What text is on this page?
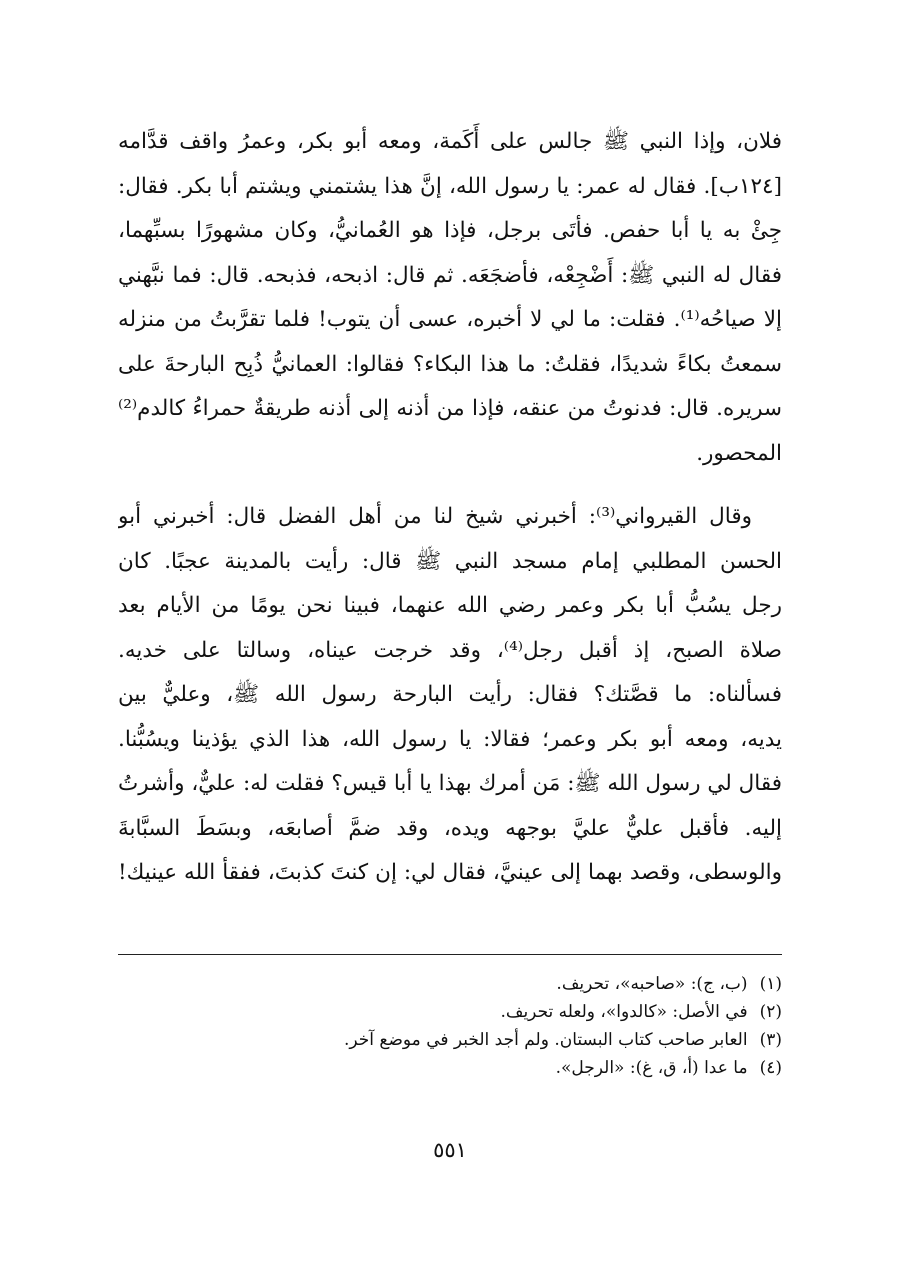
فلان، وإذا النبي ﷺ جالس على أَكَمة، ومعه أبو بكر، وعمرُ واقف قدَّامه
[١٢٤ب]. فقال له عمر: يا رسول الله، إنَّ هذا يشتمني ويشتم أبا بكر. فقال:
جِئْ به يا أبا حفص. فأتَى برجل، فإذا هو العُمانيُّ، وكان مشهورًا بسبِّهما،
فقال له النبي ﷺ: أَضْجِعْه، فأضجَعَه. ثم قال: اذبحه، فذبحه. قال: فما نبَّهني
إلا صياحُه⁽¹⁾. فقلت: ما لي لا أخبره، عسى أن يتوب! فلما تقرَّبتُ من منزله
سمعتُ بكاءً شديدًا، فقلتُ: ما هذا البكاء؟ فقالوا: العمانيُّ ذُبِح البارحةَ على
سريره. قال: فدنوتُ من عنقه، فإذا من أذنه إلى أذنه طريقةٌ حمراءُ كالدم⁽²⁾
المحصور.
وقال القيرواني⁽³⁾: أخبرني شيخ لنا من أهل الفضل قال: أخبرني أبو
الحسن المطلبي إمام مسجد النبي ﷺ قال: رأيت بالمدينة عجبًا. كان
رجل يسُبُّ أبا بكر وعمر رضي الله عنهما، فبينا نحن يومًا من الأيام بعد
صلاة الصبح، إذ أقبل رجل⁽⁴⁾، وقد خرجت عيناه، وسالتا على خديه.
فسألناه: ما قصَّتك؟ فقال: رأيت البارحة رسول الله ﷺ، وعليٌّ بين
يديه، ومعه أبو بكر وعمر؛ فقالا: يا رسول الله، هذا الذي يؤذينا ويسُبُّنا.
فقال لي رسول الله ﷺ: مَن أمرك بهذا يا أبا قيس؟ فقلت له: عليٌّ، وأشرتُ
إليه. فأقبل عليٌّ عليَّ بوجهه ويده، وقد ضمَّ أصابعَه، وبسَطَ السبَّابةَ
والوسطى، وقصد بهما إلى عينيَّ، فقال لي: إن كنتَ كذبتَ، ففقأ الله عينيك!
(١)(ب، ج): «صاحبه»، تحريف.
(٢)في الأصل: «كالدوا»، ولعله تحريف.
(٣)العابر صاحب كتاب البستان. ولم أجد الخبر في موضع آخر.
(٤)ما عدا (أ، ق، غ): «الرجل».
٥٥١
